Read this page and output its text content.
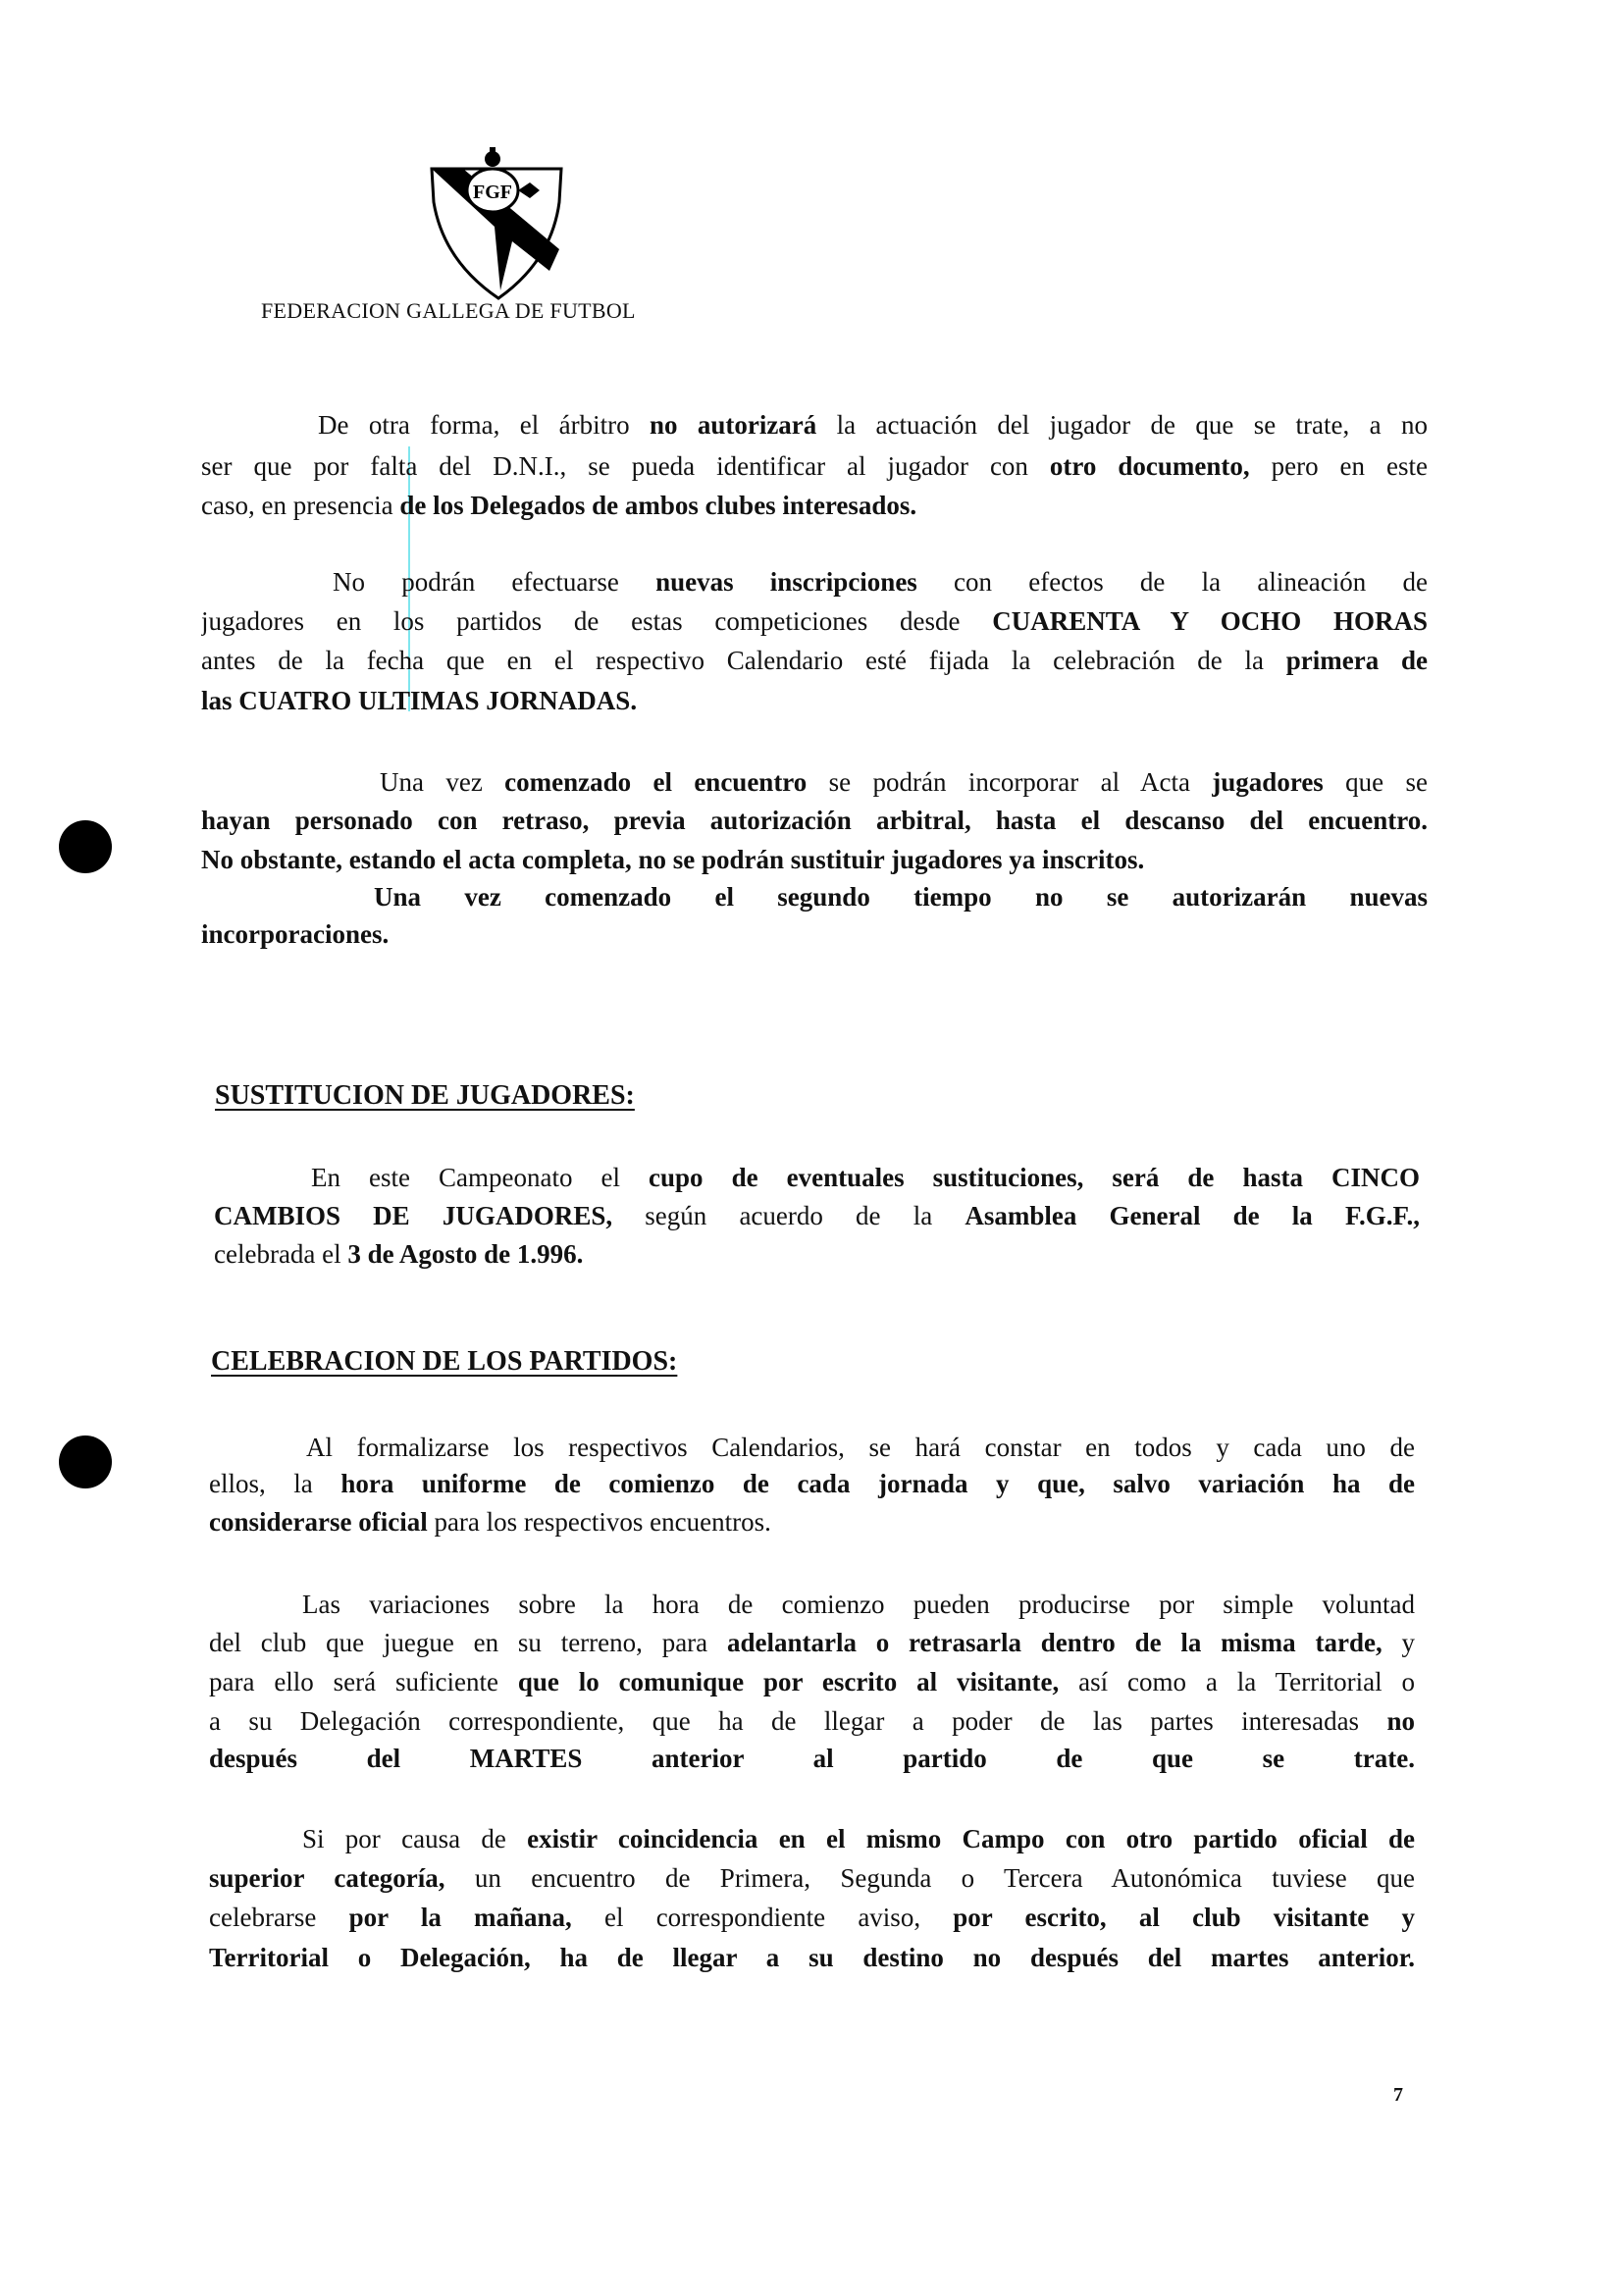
FGF
FEDERACION GALLEGA DE FUTBOL
De otra forma, el árbitro no autorizará la actuación del jugador de que se trate, a no
ser que por falta del D.N.I., se pueda identificar al jugador con otro documento, pero en este
caso, en presencia de los Delegados de ambos clubes interesados.
No podrán efectuarse nuevas inscripciones con efectos de la alineación de
jugadores en los partidos de estas competiciones desde CUARENTA Y OCHO HORAS
antes de la fecha que en el respectivo Calendario esté fijada la celebración de la primera de
las CUATRO ULTIMAS JORNADAS.
Una vez comenzado el encuentro se podrán incorporar al Acta jugadores que se
hayan personado con retraso, previa autorización arbitral, hasta el descanso del encuentro.
No obstante, estando el acta completa, no se podrán sustituir jugadores ya inscritos.
Una vez comenzado el segundo tiempo no se autorizarán nuevas
incorporaciones.
En este Campeonato el cupo de eventuales sustituciones, será de hasta CINCO
CAMBIOS DE JUGADORES, según acuerdo de la Asamblea General de la F.G.F.,
celebrada el 3 de Agosto de 1.996.
Al formalizarse los respectivos Calendarios, se hará constar en todos y cada uno de
ellos, la hora uniforme de comienzo de cada jornada y que, salvo variación ha de
considerarse oficial para los respectivos encuentros.
Las variaciones sobre la hora de comienzo pueden producirse por simple voluntad
del club que juegue en su terreno, para adelantarla o retrasarla dentro de la misma tarde, y
para ello será suficiente que lo comunique por escrito al visitante, así como a la Territorial o
a su Delegación correspondiente, que ha de llegar a poder de las partes interesadas no
después del MARTES anterior al partido de que se trate.
Si por causa de existir coincidencia en el mismo Campo con otro partido oficial de
superior categoría, un encuentro de Primera, Segunda o Tercera Autonómica tuviese que
celebrarse por la mañana, el correspondiente aviso, por escrito, al club visitante y
Territorial o Delegación, ha de llegar a su destino no después del martes anterior.
SUSTITUCION DE JUGADORES:
CELEBRACION DE LOS PARTIDOS:
7
